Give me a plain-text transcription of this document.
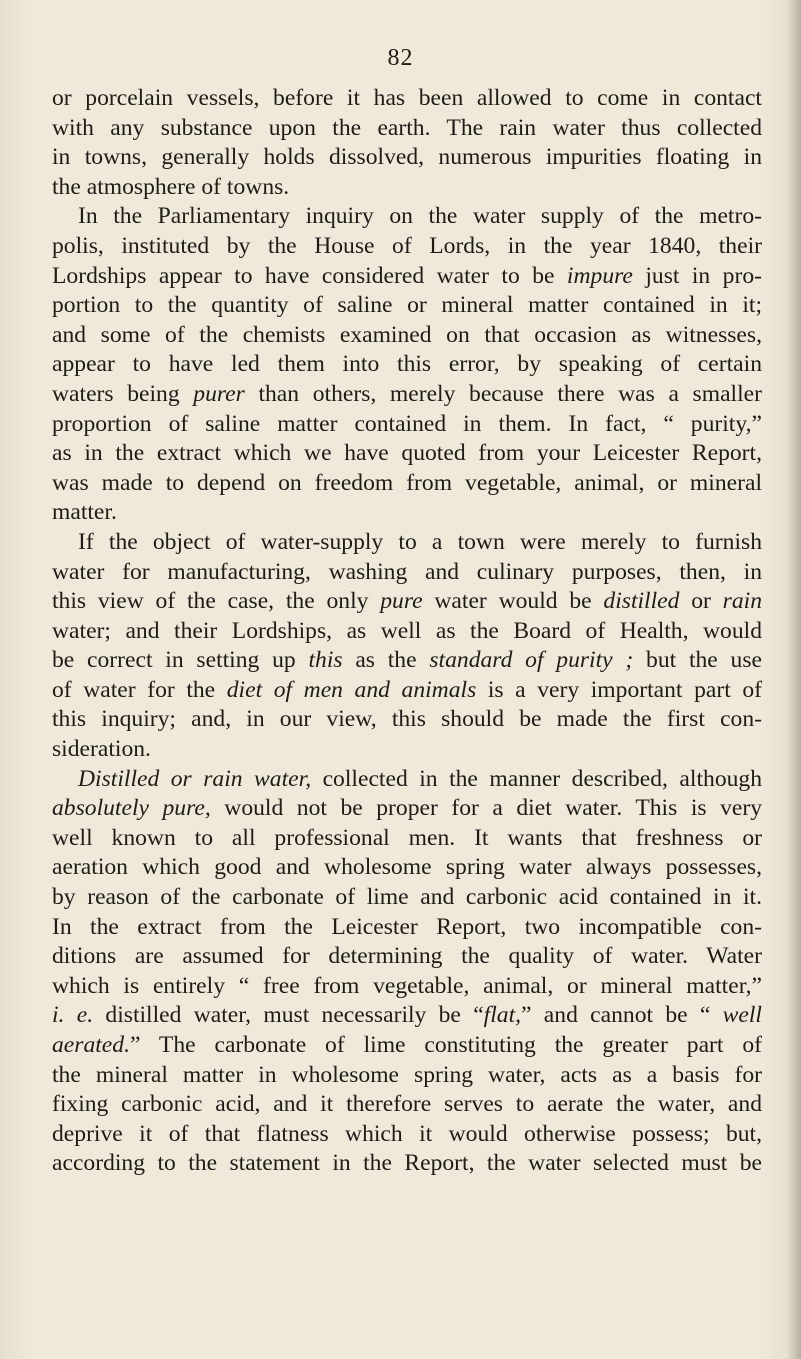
82
or porcelain vessels, before it has been allowed to come in contact
with any substance upon the earth. The rain water thus collected
in towns, generally holds dissolved, numerous impurities floating in
the atmosphere of towns.
In the Parliamentary inquiry on the water supply of the metro-
polis, instituted by the House of Lords, in the year 1840, their
Lordships appear to have considered water to be impure just in pro-
portion to the quantity of saline or mineral matter contained in it;
and some of the chemists examined on that occasion as witnesses,
appear to have led them into this error, by speaking of certain
waters being purer than others, merely because there was a smaller
proportion of saline matter contained in them. In fact, “ purity,”
as in the extract which we have quoted from your Leicester Report,
was made to depend on freedom from vegetable, animal, or mineral
matter.
If the object of water-supply to a town were merely to furnish
water for manufacturing, washing and culinary purposes, then, in
this view of the case, the only pure water would be distilled or rain
water; and their Lordships, as well as the Board of Health, would
be correct in setting up this as the standard of purity ; but the use
of water for the diet of men and animals is a very important part of
this inquiry; and, in our view, this should be made the first con-
sideration.
Distilled or rain water, collected in the manner described, although
absolutely pure, would not be proper for a diet water. This is very
well known to all professional men. It wants that freshness or
aeration which good and wholesome spring water always possesses,
by reason of the carbonate of lime and carbonic acid contained in it.
In the extract from the Leicester Report, two incompatible con-
ditions are assumed for determining the quality of water. Water
which is entirely “ free from vegetable, animal, or mineral matter,”
i. e. distilled water, must necessarily be “flat,” and cannot be “ well
aerated.” The carbonate of lime constituting the greater part of
the mineral matter in wholesome spring water, acts as a basis for
fixing carbonic acid, and it therefore serves to aerate the water, and
deprive it of that flatness which it would otherwise possess; but,
according to the statement in the Report, the water selected must be
